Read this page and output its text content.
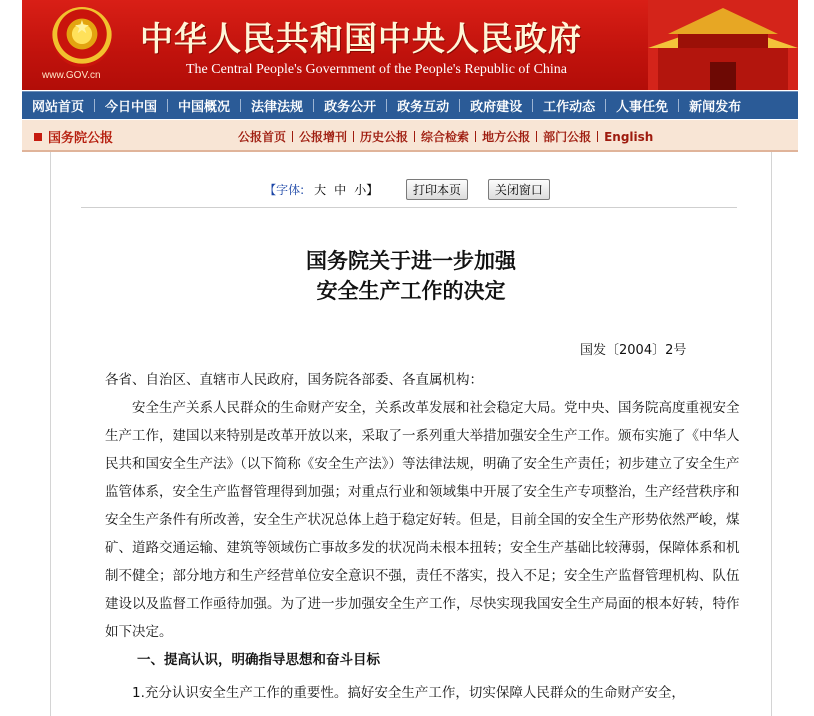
★
www.GOV.cn
中华人民共和国中央人民政府
The Central People's Government of the People's Republic of China
网站首页	今日中国	中国概况	法律法规	政务公开	政务互动	政府建设	工作动态	人事任免	新闻发布
国务院公报	公报首页	公报增刊	历史公报	综合检索	地方公报	部门公报	English
【字体: 大 中 小】	打印本页	关闭窗口
国务院关于进一步加强
安全生产工作的决定
国发〔2004〕2号
各省、自治区、直辖市人民政府，国务院各部委、各直属机构：
安全生产关系人民群众的生命财产安全，关系改革发展和社会稳定大局。党中央、国务院高度重视安全生产工作，建国以来特别是改革开放以来，采取了一系列重大举措加强安全生产工作。颁布实施了《中华人民共和国安全生产法》（以下简称《安全生产法》）等法律法规，明确了安全生产责任；初步建立了安全生产监管体系，安全生产监督管理得到加强；对重点行业和领域集中开展了安全生产专项整治，生产经营秩序和安全生产条件有所改善，安全生产状况总体上趋于稳定好转。但是，目前全国的安全生产形势依然严峻，煤矿、道路交通运输、建筑等领域伤亡事故多发的状况尚未根本扭转；安全生产基础比较薄弱，保障体系和机制不健全；部分地方和生产经营单位安全意识不强，责任不落实，投入不足；安全生产监督管理机构、队伍建设以及监督工作亟待加强。为了进一步加强安全生产工作，尽快实现我国安全生产局面的根本好转，特作如下决定。
一、提高认识，明确指导思想和奋斗目标
1.充分认识安全生产工作的重要性。搞好安全生产工作，切实保障人民群众的生命财产安全，
